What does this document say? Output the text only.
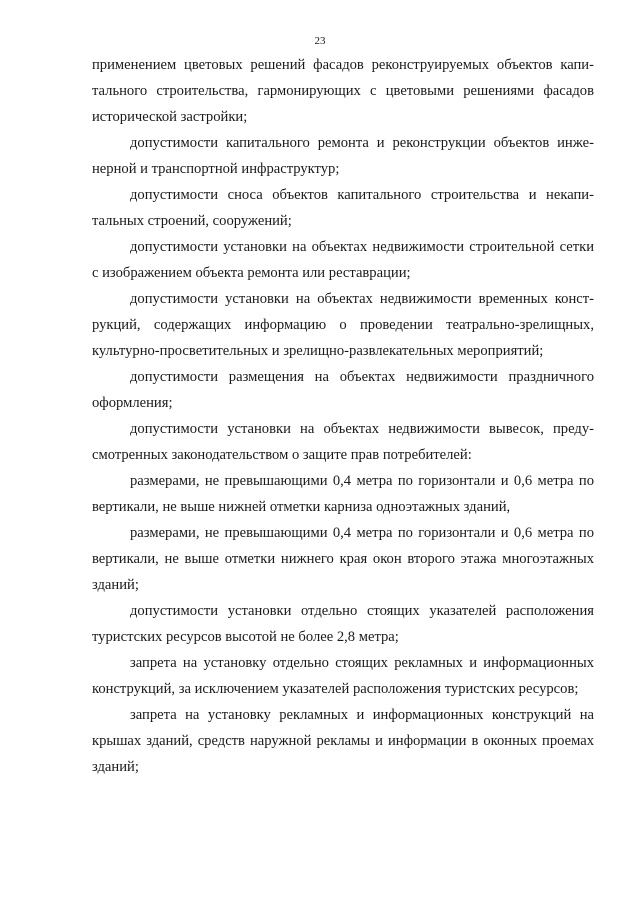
23

применением цветовых решений фасадов реконструируемых объектов капитального строительства, гармонирующих с цветовыми решениями фасадов исторической застройки;

допустимости капитального ремонта и реконструкции объектов инженерной и транспортной инфраструктур;

допустимости сноса объектов капитального строительства и некапитальных строений, сооружений;

допустимости установки на объектах недвижимости строительной сетки с изображением объекта ремонта или реставрации;

допустимости установки на объектах недвижимости временных конструкций, содержащих информацию о проведении театрально-зрелищных, культурно-просветительных и зрелищно-развлекательных мероприятий;

допустимости размещения на объектах недвижимости праздничного оформления;

допустимости установки на объектах недвижимости вывесок, предусмотренных законодательством о защите прав потребителей:

размерами, не превышающими 0,4 метра по горизонтали и 0,6 метра по вертикали, не выше нижней отметки карниза одноэтажных зданий,

размерами, не превышающими 0,4 метра по горизонтали и 0,6 метра по вертикали, не выше отметки нижнего края окон второго этажа многоэтажных зданий;

допустимости установки отдельно стоящих указателей расположения туристских ресурсов высотой не более 2,8 метра;

запрета на установку отдельно стоящих рекламных и информационных конструкций, за исключением указателей расположения туристских ресурсов;

запрета на установку рекламных и информационных конструкций на крышах зданий, средств наружной рекламы и информации в оконных проемах зданий;
